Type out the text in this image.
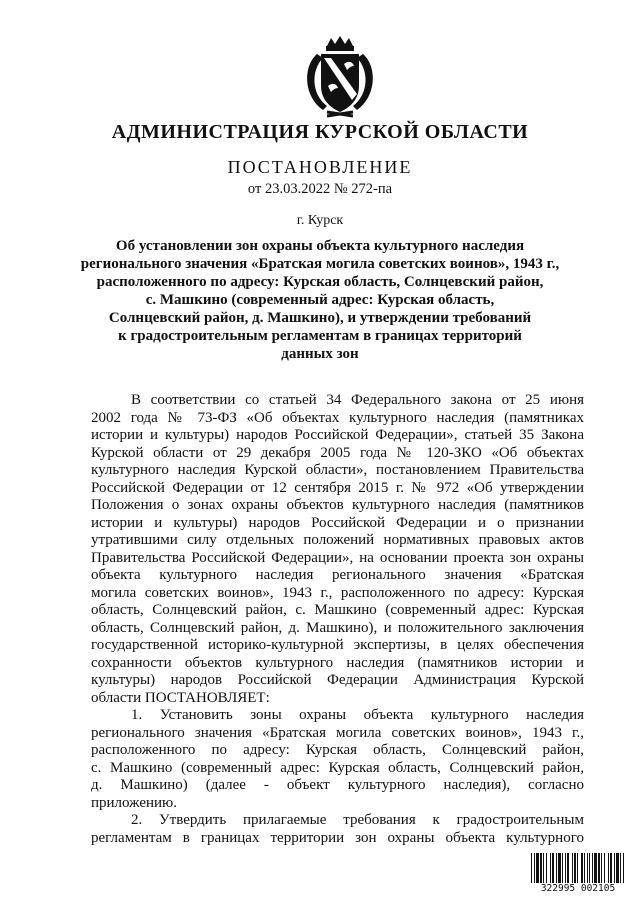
АДМИНИСТРАЦИЯ КУРСКОЙ ОБЛАСТИ
ПОСТАНОВЛЕНИЕ
от 23.03.2022 № 272-па
г. Курск
Об установлении зон охраны объекта культурного наследия
регионального значения «Братская могила советских воинов», 1943 г.,
расположенного по адресу: Курская область, Солнцевский район,
с. Машкино (современный адрес: Курская область,
Солнцевский район, д. Машкино), и утверждении требований
к градостроительным регламентам в границах территорий
данных зон

В соответствии со статьей 34 Федерального закона от 25 июня

2002 года № 73-ФЗ «Об объектах культурного наследия (памятниках

истории и культуры) народов Российской Федерации», статьей 35 Закона

Курской области от 29 декабря 2005 года № 120-ЗКО «Об объектах

культурного наследия Курской области», постановлением Правительства

Российской Федерации от 12 сентября 2015 г. № 972 «Об утверждении

Положения о зонах охраны объектов культурного наследия (памятников

истории и культуры) народов Российской Федерации и о признании

утратившими силу отдельных положений нормативных правовых актов

Правительства Российской Федерации», на основании проекта зон охраны

объекта культурного наследия регионального значения «Братская

могила советских воинов», 1943 г., расположенного по адресу: Курская

область, Солнцевский район, с. Машкино (современный адрес: Курская

область, Солнцевский район, д. Машкино), и положительного заключения

государственной историко-культурной экспертизы, в целях обеспечения

сохранности объектов культурного наследия (памятников истории и

культуры) народов Российской Федерации Администрация Курской

области ПОСТАНОВЛЯЕТ:

1. Установить зоны охраны объекта культурного наследия

регионального значения «Братская могила советских воинов», 1943 г.,

расположенного по адресу: Курская область, Солнцевский район,

с. Машкино (современный адрес: Курская область, Солнцевский район,

д. Машкино) (далее - объект культурного наследия), согласно

приложению.

2. Утвердить прилагаемые требования к градостроительным

регламентам в границах территории зон охраны объекта культурного

322995 002105
